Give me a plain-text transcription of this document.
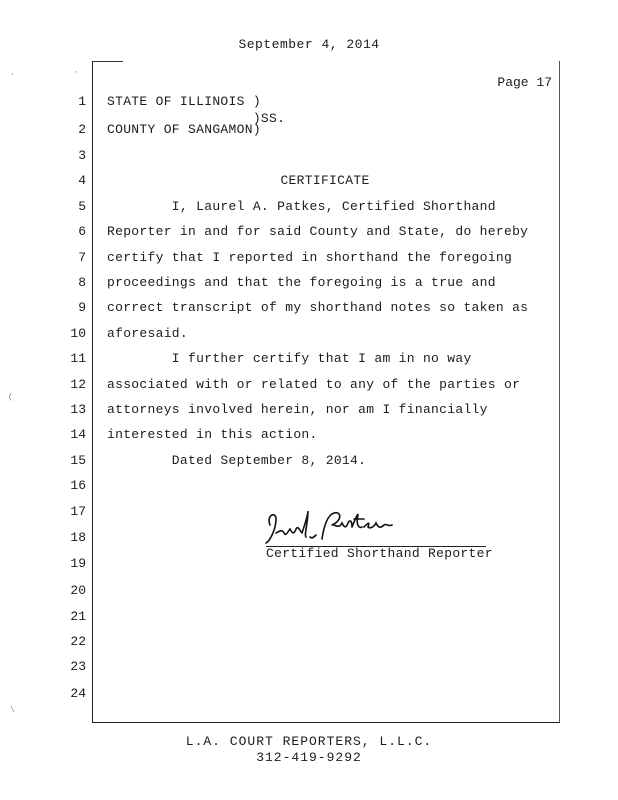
September 4, 2014
Page 17
1 STATE OF ILLINOIS )
)SS.
2 COUNTY OF SANGAMON)
3
4	CERTIFICATE
5 I, Laurel A. Patkes, Certified Shorthand
6 Reporter in and for said County and State, do hereby
7 certify that I reported in shorthand the foregoing
8 proceedings and that the foregoing is a true and
9 correct transcript of my shorthand notes so taken as
10 aforesaid.
11 I further certify that I am in no way
12 associated with or related to any of the parties or
13 attorneys involved herein, nor am I financially
14 interested in this action.
15 Dated September 8, 2014.
16
17
18
19
20
21
22
23
24
Certified Shorthand Reporter
L.A. COURT REPORTERS, L.L.C.
312-419-9292
·	·
(
\
